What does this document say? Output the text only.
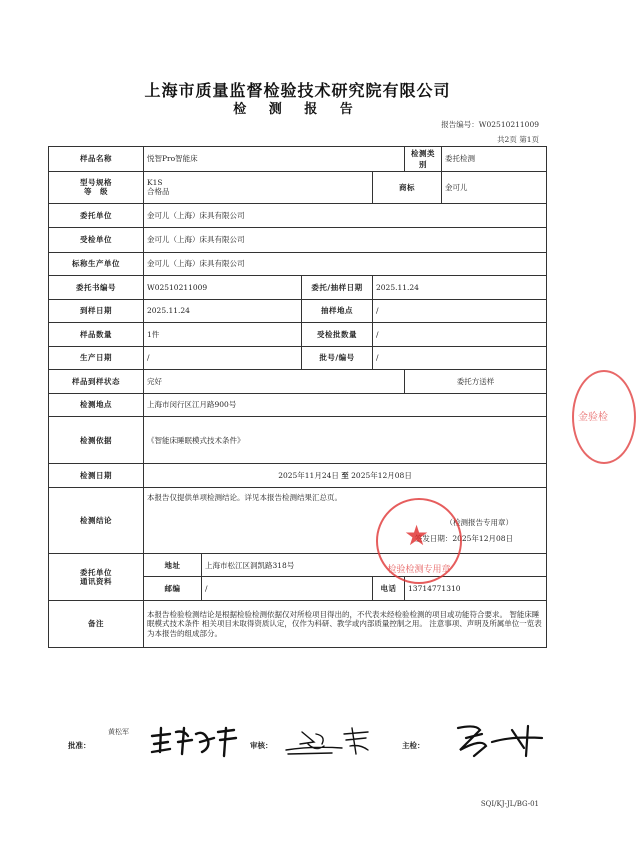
上海市质量监督检验技术研究院有限公司
检 测 报 告
报告编号：W02510211009
共2页 第1页
样品名称	悦智Pro智能床				检测类别	委托检测
型号规格
等　级	K1S
合格品			商标		金可儿
委托单位	金可儿（上海）床具有限公司					
受检单位	金可儿（上海）床具有限公司					
标称生产单位	金可儿（上海）床具有限公司					
委托书编号	W02510211009		委托/抽样日期	2025.11.24		
到样日期	2025.11.24		抽样地点	/		
样品数量	1件		受检批数量	/		
生产日期	/		批号/编号	/		
样品到样状态	完好				委托方送样	
检测地点	上海市闵行区江月路900号					
检测依据	《智能床睡眠模式技术条件》					
检测日期	2025年11月24日 至 2025年12月08日					
检测结论	本报告仅提供单项检测结论。详见本报告检测结果汇总页。
（检测报告专用章）
签发日期：2025年12月08日					

委托单位
通讯资料	地址	上海市松江区洞凯路318号				
	邮编	/		电话	13714771310	
备注	本报告检验检测结论是根据检验检测依据仅对所检项目得出的，不代表未经检验检测的项目或功能符合要求。 智能床睡眠模式技术条件 相关项目未取得资质认定，仅作为科研、教学或内部质量控制之用。 注意事项、声明及所属单位一览表为本报告的组成部分。					
★
检验检测专用章
金验检
黄松军
批准：	审核：	主检：
SQI/KJ-JL/BG-01
